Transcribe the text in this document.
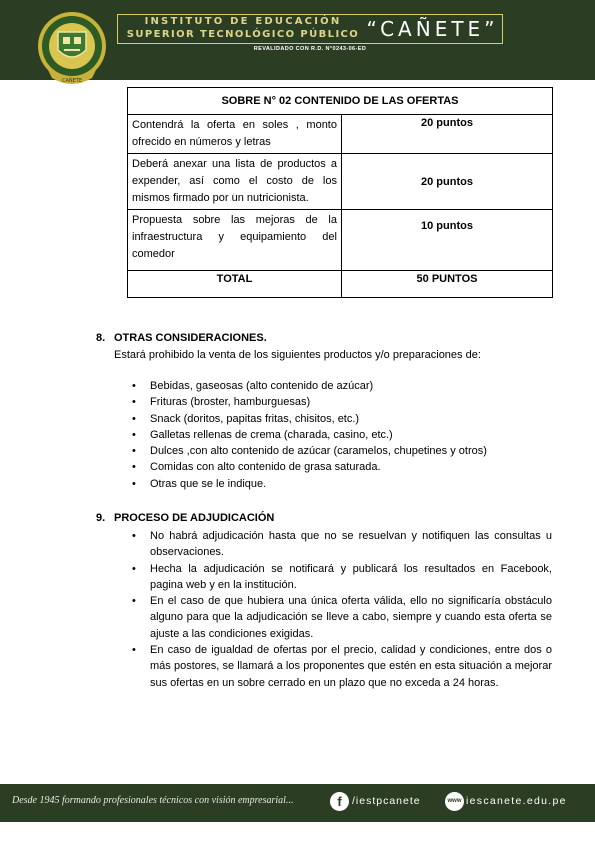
CAÑETE
INSTITUTO DE EDUCACIÓN
SUPERIOR TECNOLÓGICO PÚBLICO “CAÑETE”
REVALIDADO CON R.D. N°0243-06-ED
SOBRE N° 02 CONTENIDO DE LAS OFERTAS	
Contendrá la oferta en soles , monto ofrecido en números y letras	20 puntos
Deberá anexar una lista de productos a expender, así como el costo de los mismos firmado por un nutricionista.	20 puntos
Propuesta sobre las mejoras de la infraestructura y equipamiento del comedor	10 puntos
TOTAL	50 PUNTOS
8. OTRAS CONSIDERACIONES.
Estará prohibido la venta de los siguientes productos y/o preparaciones de:
• Bebidas, gaseosas (alto contenido de azúcar)
• Frituras (broster, hamburguesas)
• Snack (doritos, papitas fritas, chisitos, etc.)
• Galletas rellenas de crema (charada, casino, etc.)
• Dulces ,con alto contenido de azúcar (caramelos, chupetines y otros)
• Comidas con alto contenido de grasa saturada.
• Otras que se le indique.
9. PROCESO DE ADJUDICACIÓN
• No habrá adjudicación hasta que no se resuelvan y notifiquen las consultas u observaciones.
• Hecha la adjudicación se notificará y publicará los resultados en Facebook, pagina web y en la institución.
• En el caso de que hubiera una única oferta válida, ello no significaría obstáculo alguno para que la adjudicación se lleve a cabo, siempre y cuando esta oferta se ajuste a las condiciones exigidas.
• En caso de igualdad de ofertas por el precio, calidad y condiciones, entre dos o más postores, se llamará a los proponentes que estén en esta situación a mejorar sus ofertas en un sobre cerrado en un plazo que no exceda a 24 horas.
Desde 1945 formando profesionales técnicos con visión empresarial...	f /iestpcanete	www iescanete.edu.pe
